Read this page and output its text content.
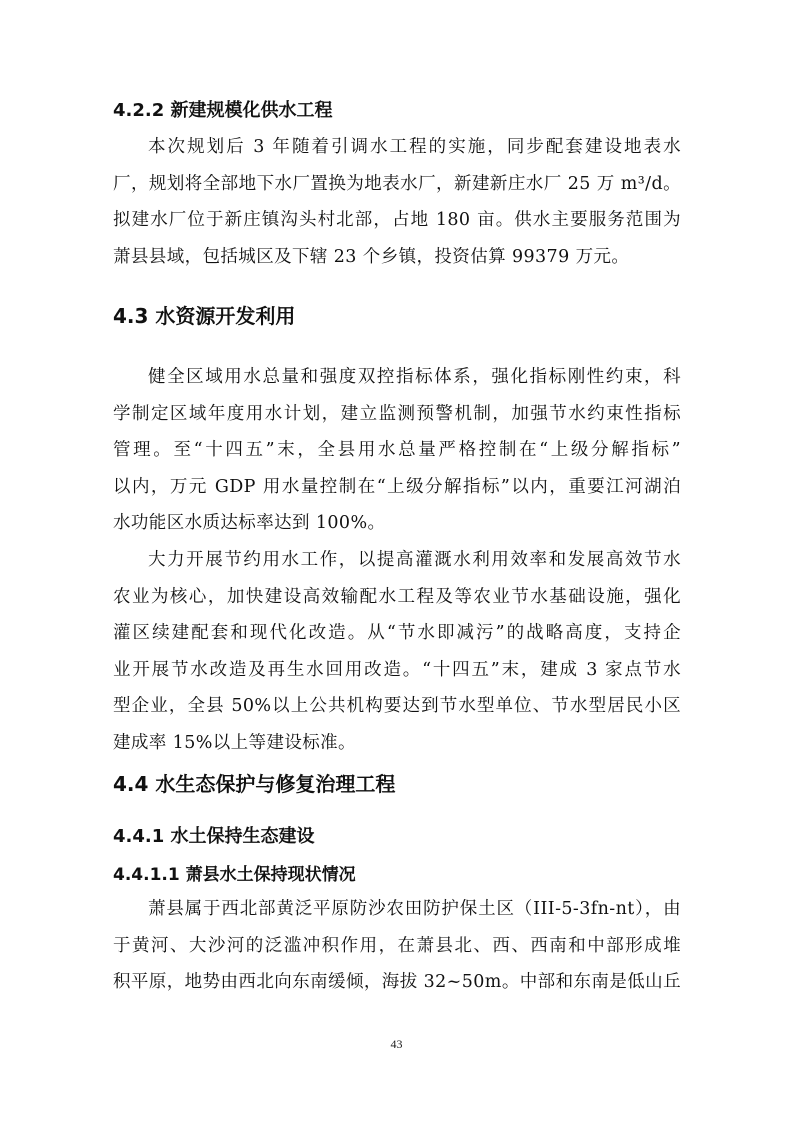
4.2.2 新建规模化供水工程
本次规划后 3 年随着引调水工程的实施，同步配套建设地表水
厂，规划将全部地下水厂置换为地表水厂，新建新庄水厂 25 万 m³/d。
拟建水厂位于新庄镇沟头村北部，占地 180 亩。供水主要服务范围为
萧县县域，包括城区及下辖 23 个乡镇，投资估算 99379 万元。
4.3 水资源开发利用
健全区域用水总量和强度双控指标体系，强化指标刚性约束，科
学制定区域年度用水计划，建立监测预警机制，加强节水约束性指标
管理。至“十四五”末，全县用水总量严格控制在“上级分解指标”
以内，万元 GDP 用水量控制在“上级分解指标”以内，重要江河湖泊
水功能区水质达标率达到 100%。
大力开展节约用水工作，以提高灌溉水利用效率和发展高效节水
农业为核心，加快建设高效输配水工程及等农业节水基础设施，强化
灌区续建配套和现代化改造。从“节水即减污”的战略高度，支持企
业开展节水改造及再生水回用改造。“十四五”末，建成 3 家点节水
型企业，全县 50%以上公共机构要达到节水型单位、节水型居民小区
建成率 15%以上等建设标准。
4.4 水生态保护与修复治理工程
4.4.1 水土保持生态建设
4.4.1.1 萧县水土保持现状情况
萧县属于西北部黄泛平原防沙农田防护保土区（III-5-3fn-nt），由
于黄河、大沙河的泛滥冲积作用，在萧县北、西、西南和中部形成堆
积平原，地势由西北向东南缓倾，海拔 32~50m。中部和东南是低山丘
43
